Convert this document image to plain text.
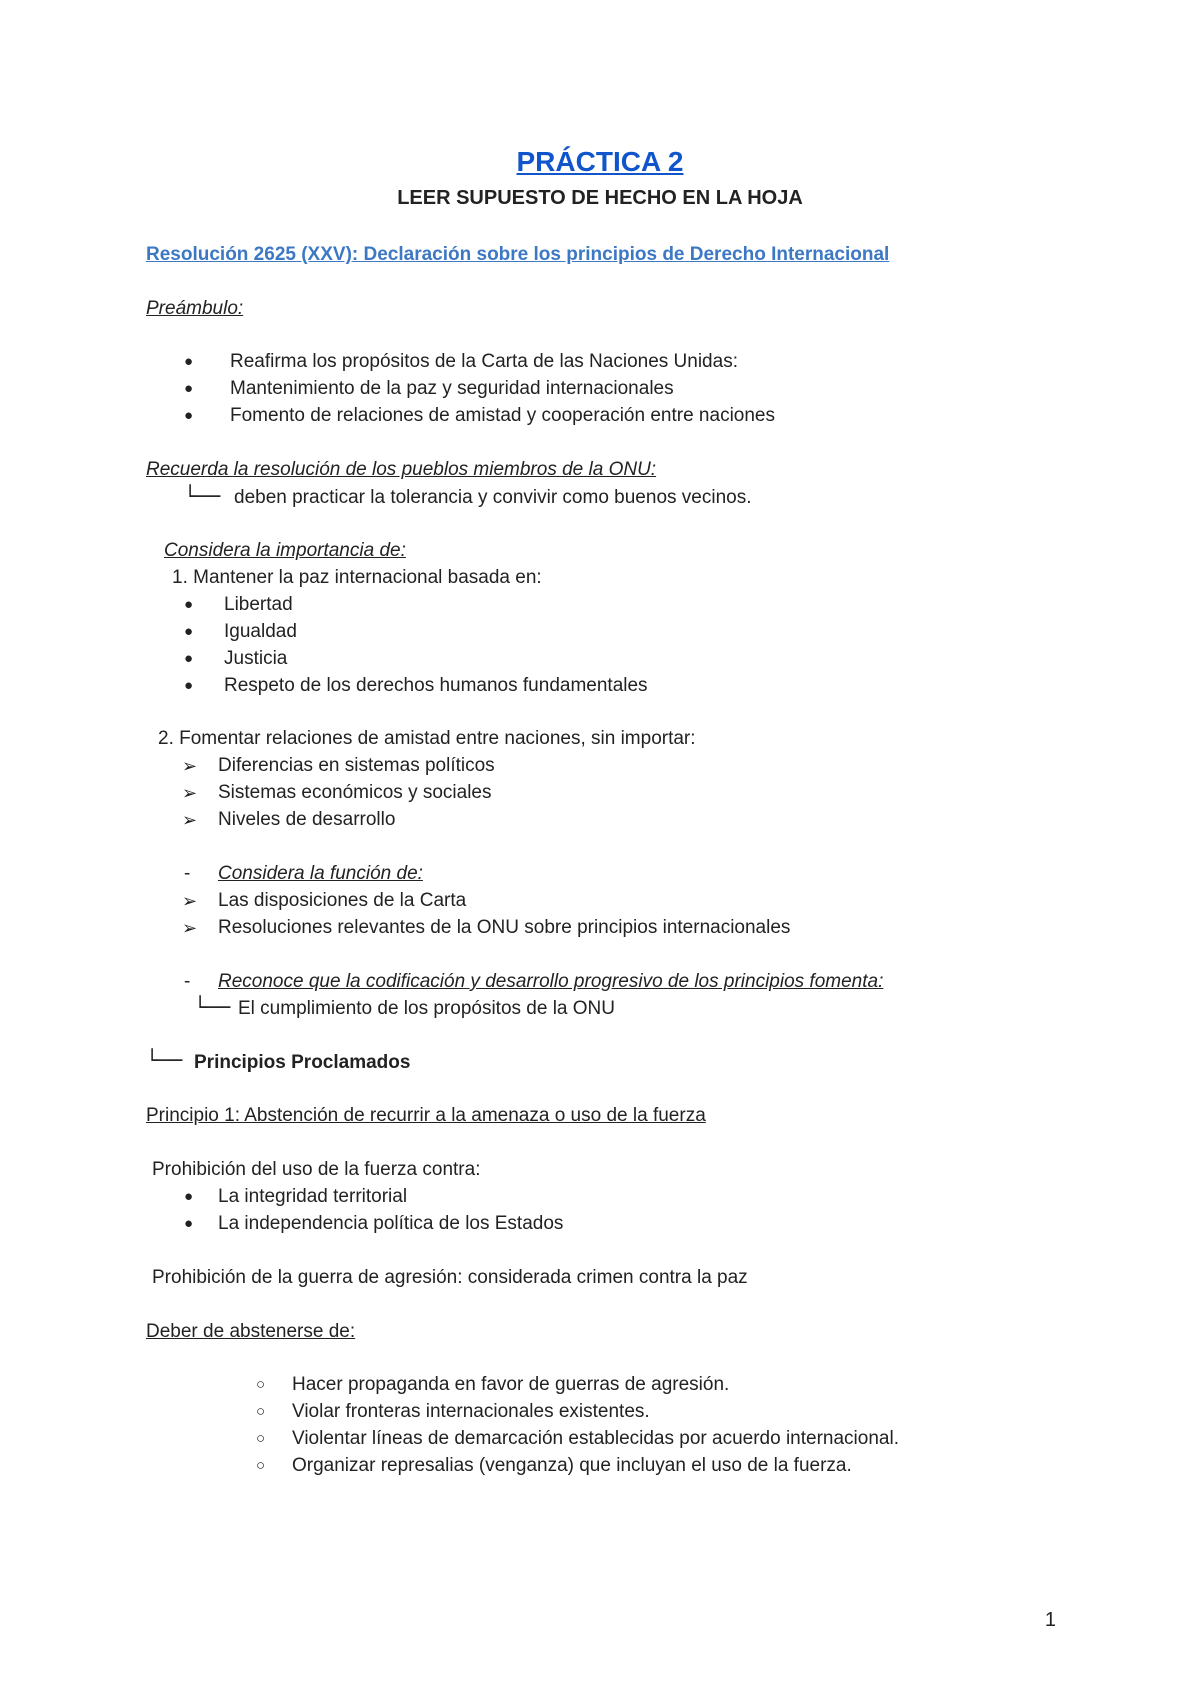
PRÁCTICA 2
LEER SUPUESTO DE HECHO EN LA HOJA
Resolución 2625 (XXV): Declaración sobre los principios de Derecho Internacional
Preámbulo:
● Reafirma los propósitos de la Carta de las Naciones Unidas:
● Mantenimiento de la paz y seguridad internacionales
● Fomento de relaciones de amistad y cooperación entre naciones
Recuerda la resolución de los pueblos miembros de la ONU:
└── deben practicar la tolerancia y convivir como buenos vecinos.
Considera la importancia de:
1. Mantener la paz internacional basada en:
● Libertad
● Igualdad
● Justicia
● Respeto de los derechos humanos fundamentales
2. Fomentar relaciones de amistad entre naciones, sin importar:
➢ Diferencias en sistemas políticos
➢ Sistemas económicos y sociales
➢ Niveles de desarrollo
- Considera la función de:
➢ Las disposiciones de la Carta
➢ Resoluciones relevantes de la ONU sobre principios internacionales
- Reconoce que la codificación y desarrollo progresivo de los principios fomenta:
└── El cumplimiento de los propósitos de la ONU
└── Principios Proclamados
Principio 1: Abstención de recurrir a la amenaza o uso de la fuerza
Prohibición del uso de la fuerza contra:
● La integridad territorial
● La independencia política de los Estados
Prohibición de la guerra de agresión: considerada crimen contra la paz
Deber de abstenerse de:
○ Hacer propaganda en favor de guerras de agresión.
○ Violar fronteras internacionales existentes.
○ Violentar líneas de demarcación establecidas por acuerdo internacional.
○ Organizar represalias (venganza) que incluyan el uso de la fuerza.
1
